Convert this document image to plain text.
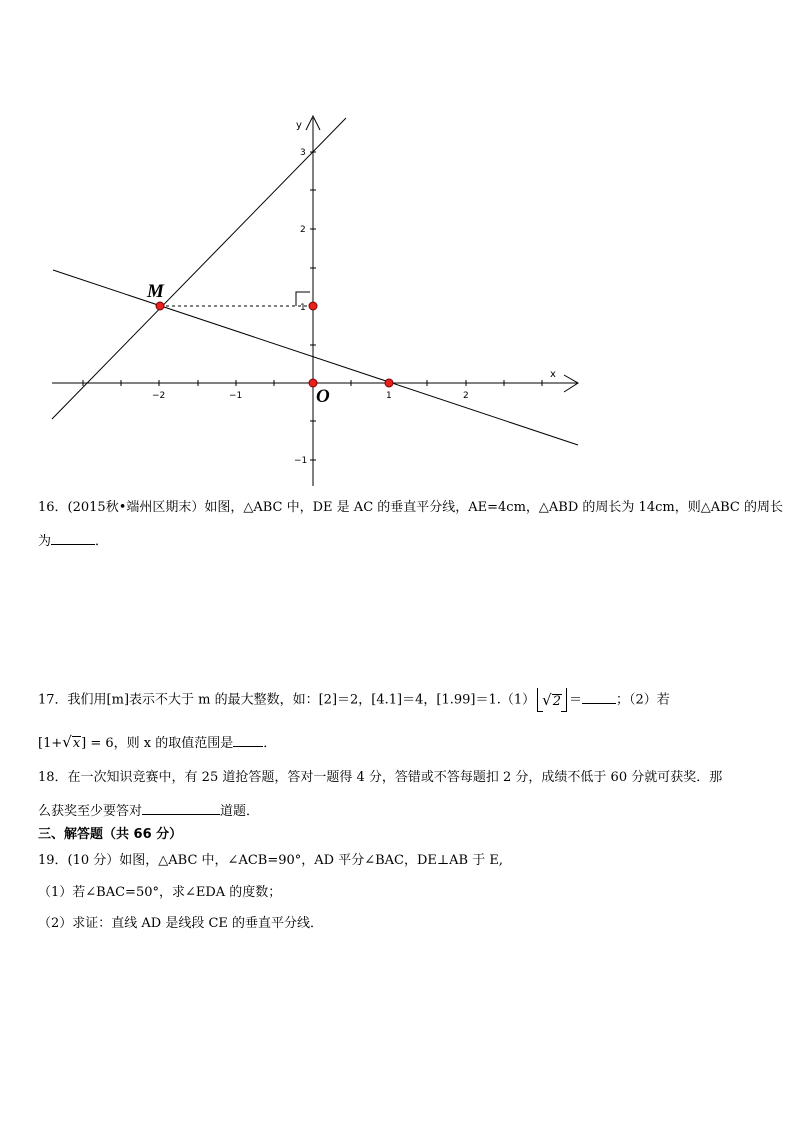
−2	−1	1	2
3
2
1
−1
x
y
M
O
16．(2015秋•端州区期末）如图，△ABC 中，DE 是 AC 的垂直平分线，AE=4cm，△ABD 的周长为 14cm，则△ABC 的周长
为	．
17．我们用[m]表示不大于 m 的最大整数，如：[2]＝2，[4.1]＝4，[1.99]＝1.（1） √2 ＝	；（2）若
[1+√x] = 6，则 x 的取值范围是 ．
18．在一次知识竞赛中，有 25 道抢答题，答对一题得 4 分，答错或不答每题扣 2 分，成绩不低于 60 分就可获奖．那
么获奖至少要答对	道题．
三、解答题（共 66 分）
19．(10 分）如图，△ABC 中，∠ACB=90°，AD 平分∠BAC，DE⊥AB 于 E,
（1）若∠BAC=50°，求∠EDA 的度数；
（2）求证：直线 AD 是线段 CE 的垂直平分线．
